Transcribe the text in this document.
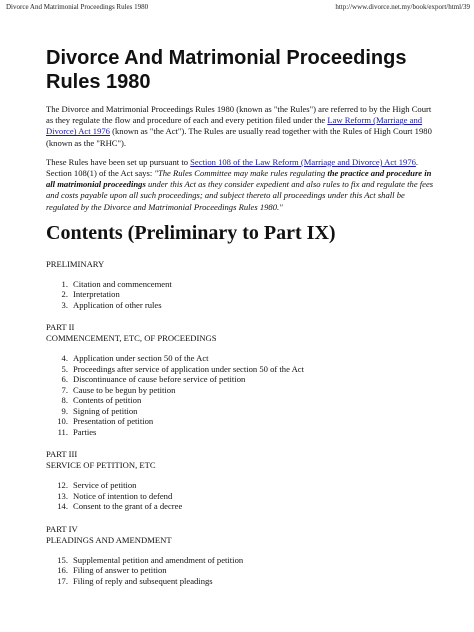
Divorce And Matrimonial Proceedings Rules 1980	http://www.divorce.net.my/book/export/html/39
Divorce And Matrimonial Proceedings Rules 1980

The Divorce and Matrimonial Proceedings Rules 1980 (known as "the Rules") are referred to by the High Court as they regulate the flow and procedure of each and every petition filed under the Law Reform (Marriage and Divorce) Act 1976 (known as "the Act"). The Rules are usually read together with the Rules of High Court 1980 (known as the "RHC").

These Rules have been set up pursuant to Section 108 of the Law Reform (Marriage and Divorce) Act 1976. Section 108(1) of the Act says: "The Rules Committee may make rules regulating the practice and procedure in all matrimonial proceedings under this Act as they consider expedient and also rules to fix and regulate the fees and costs payable upon all such proceedings; and subject thereto all proceedings under this Act shall be regulated by the Divorce and Matrimonial Proceedings Rules 1980."

Contents (Preliminary to Part IX)
PRELIMINARY
1. Citation and commencement
2. Interpretation
3. Application of other rules
PART II
COMMENCEMENT, ETC, OF PROCEEDINGS
4. Application under section 50 of the Act
5. Proceedings after service of application under section 50 of the Act
6. Discontinuance of cause before service of petition
7. Cause to be begun by petition
8. Contents of petition
9. Signing of petition
10. Presentation of petition
11. Parties
PART III
SERVICE OF PETITION, ETC
12. Service of petition
13. Notice of intention to defend
14. Consent to the grant of a decree
PART IV
PLEADINGS AND AMENDMENT
15. Supplemental petition and amendment of petition
16. Filing of answer to petition
17. Filing of reply and subsequent pleadings
